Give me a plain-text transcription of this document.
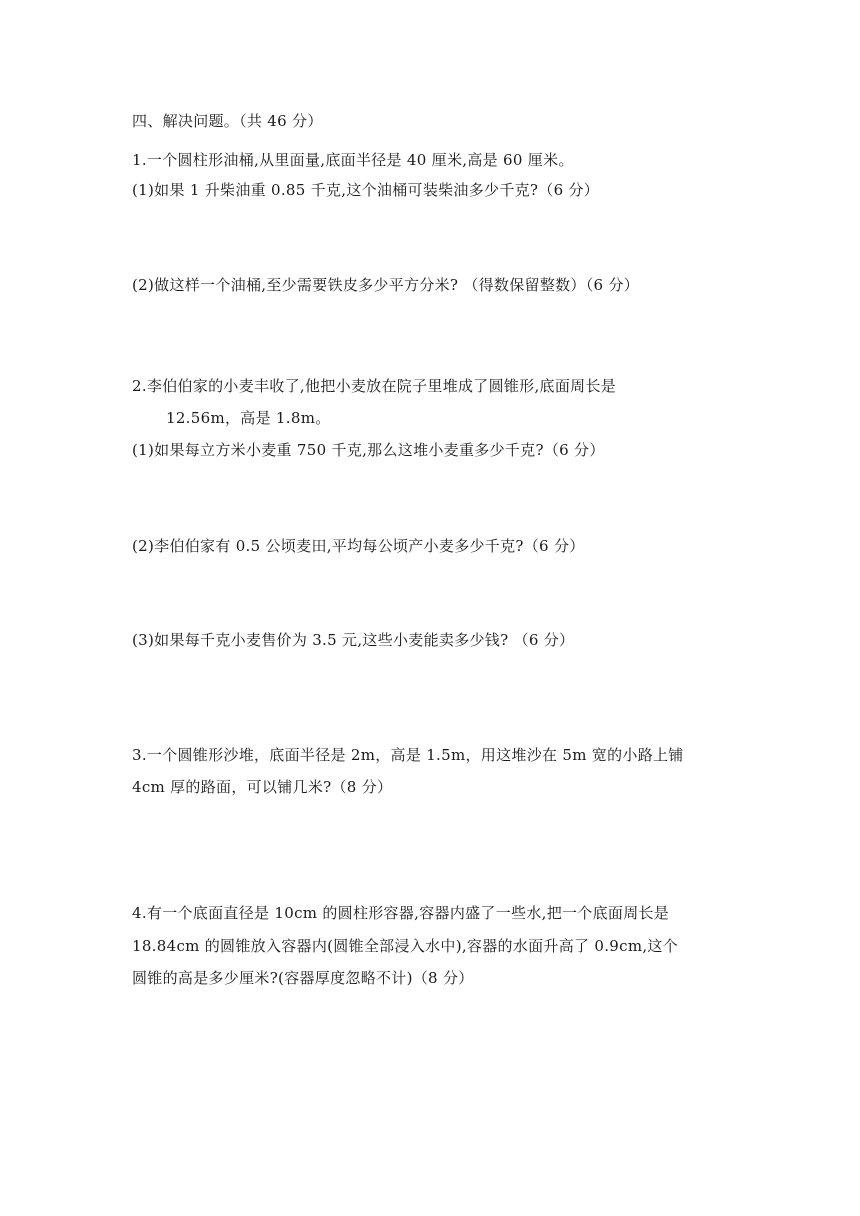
四、解决问题。（共 46 分）
1.一个圆柱形油桶,从里面量,底面半径是 40 厘米,高是 60 厘米。
(1)如果 1 升柴油重 0.85 千克,这个油桶可装柴油多少千克?（6 分）
(2)做这样一个油桶,至少需要铁皮多少平方分米? （得数保留整数）（6 分）
2.李伯伯家的小麦丰收了,他把小麦放在院子里堆成了圆锥形,底面周长是
12.56m，高是 1.8m。
(1)如果每立方米小麦重 750 千克,那么这堆小麦重多少千克?（6 分）
(2)李伯伯家有 0.5 公顷麦田,平均每公顷产小麦多少千克?（6 分）
(3)如果每千克小麦售价为 3.5 元,这些小麦能卖多少钱? （6 分）
3.一个圆锥形沙堆，底面半径是 2m，高是 1.5m，用这堆沙在 5m 宽的小路上铺
4cm 厚的路面，可以铺几米?（8 分）
4.有一个底面直径是 10cm 的圆柱形容器,容器内盛了一些水,把一个底面周长是
18.84cm 的圆锥放入容器内(圆锥全部浸入水中),容器的水面升高了 0.9cm,这个
圆锥的高是多少厘米?(容器厚度忽略不计)（8 分）
